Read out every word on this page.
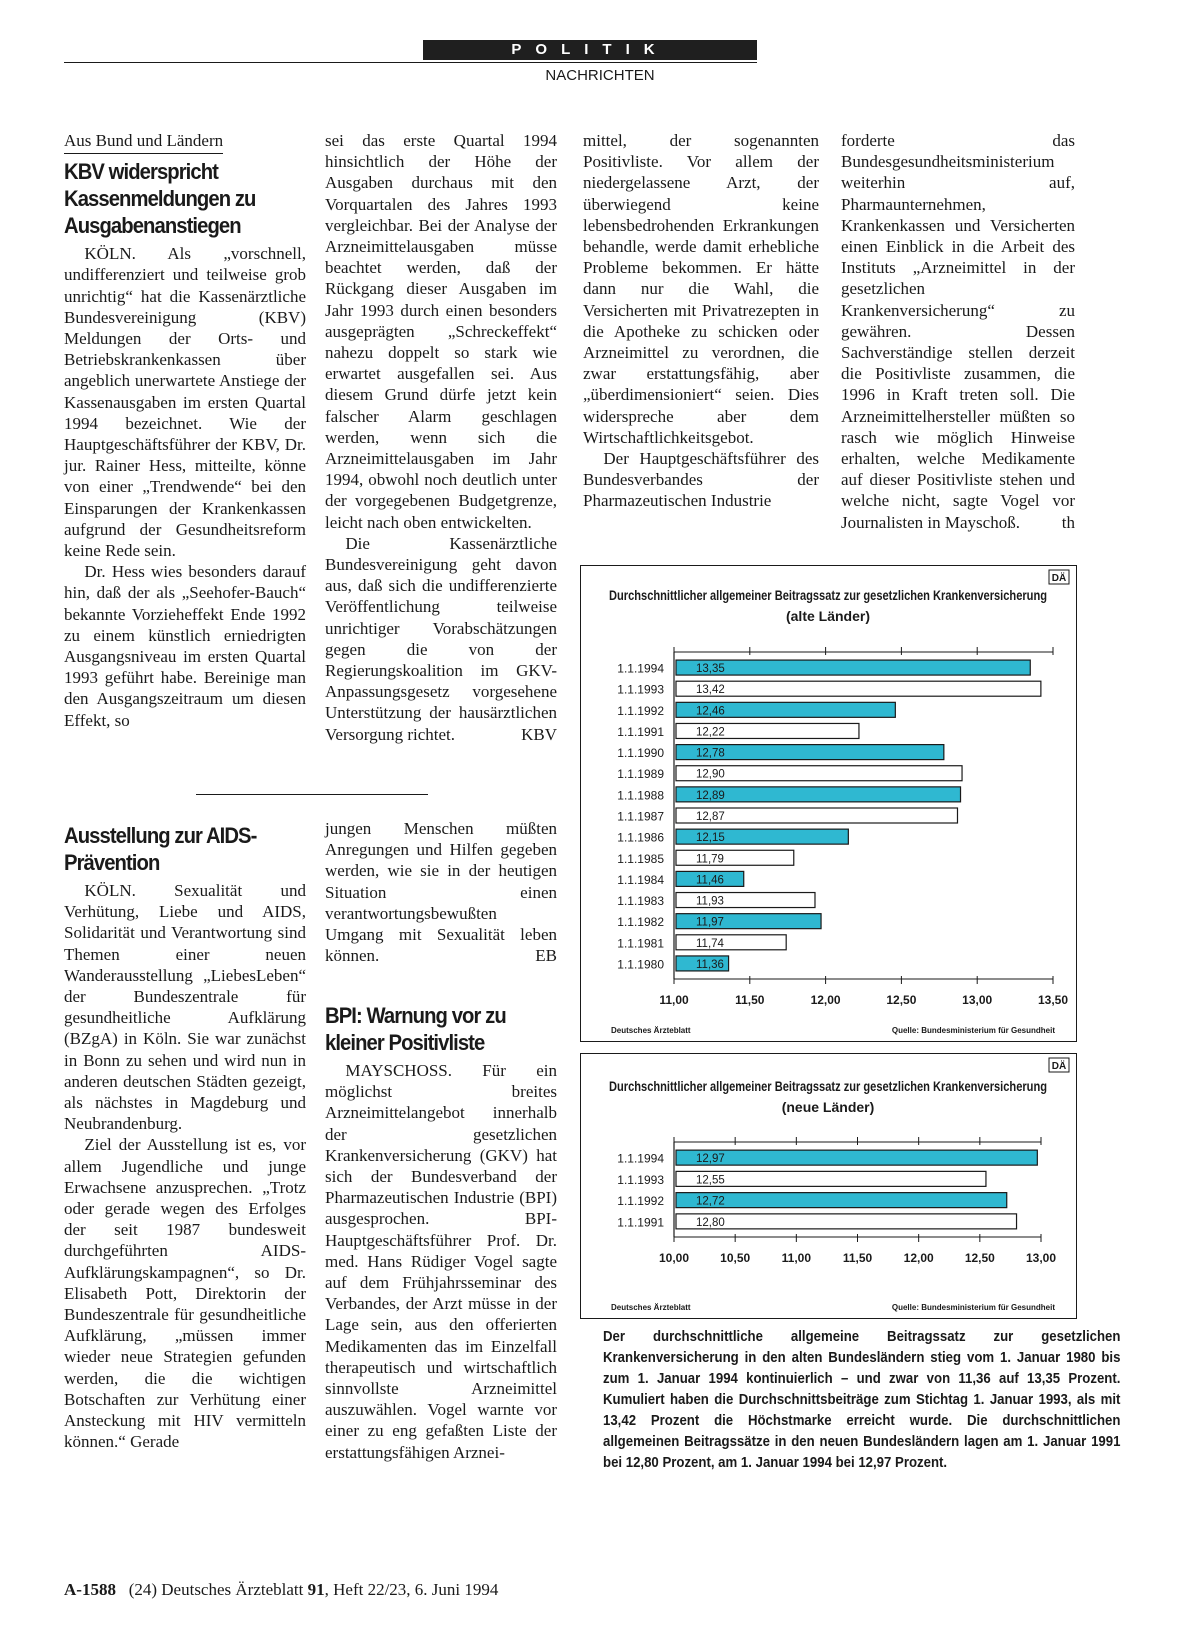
POLITIK
NACHRICHTEN
Aus Bund und Ländern
KBV widerspricht Kassenmeldungen zu Ausgabenanstiegen

KÖLN. Als „vorschnell, undifferenziert und teilweise grob unrichtig“ hat die Kassenärztliche Bundesvereinigung (KBV) Meldungen der Orts- und Betriebskrankenkassen über angeblich unerwartete Anstiege der Kassenausgaben im ersten Quartal 1994 bezeichnet. Wie der Hauptgeschäftsführer der KBV, Dr. jur. Rainer Hess, mitteilte, könne von einer „Trendwende“ bei den Einsparungen der Krankenkassen aufgrund der Gesundheitsreform keine Rede sein.

Dr. Hess wies besonders darauf hin, daß der als „Seehofer-Bauch“ bekannte Vorzieheffekt Ende 1992 zu einem künstlich erniedrigten Ausgangsniveau im ersten Quartal 1993 geführt habe. Bereinige man den Ausgangszeitraum um diesen Effekt, so

sei das erste Quartal 1994 hinsichtlich der Höhe der Ausgaben durchaus mit den Vorquartalen des Jahres 1993 vergleichbar. Bei der Analyse der Arzneimittelausgaben müsse beachtet werden, daß der Rückgang dieser Ausgaben im Jahr 1993 durch einen besonders ausgeprägten „Schreckeffekt“ nahezu doppelt so stark wie erwartet ausgefallen sei. Aus diesem Grund dürfe jetzt kein falscher Alarm geschlagen werden, wenn sich die Arzneimittelausgaben im Jahr 1994, obwohl noch deutlich unter der vorgegebenen Budgetgrenze, leicht nach oben entwickelten.

Die Kassenärztliche Bundesvereinigung geht davon aus, daß sich die undifferenzierte Veröffentlichung teilweise unrichtiger Vorabschätzungen gegen die von der Regierungskoalition im GKV-Anpassungsgesetz vorgesehene Unterstützung der hausärztlichen Versorgung richtet.	KBV
Ausstellung zur AIDS-Prävention

KÖLN. Sexualität und Verhütung, Liebe und AIDS, Solidarität und Verantwortung sind Themen einer neuen Wanderausstellung „LiebesLeben“ der Bundeszentrale für gesundheitliche Aufklärung (BZgA) in Köln. Sie war zunächst in Bonn zu sehen und wird nun in anderen deutschen Städten gezeigt, als nächstes in Magdeburg und Neubrandenburg.

Ziel der Ausstellung ist es, vor allem Jugendliche und junge Erwachsene anzusprechen. „Trotz oder gerade wegen des Erfolges der seit 1987 bundesweit durchgeführten AIDS-Aufklärungskampagnen“, so Dr. Elisabeth Pott, Direktorin der Bundeszentrale für gesundheitliche Aufklärung, „müssen immer wieder neue Strategien gefunden werden, die die wichtigen Botschaften zur Verhütung einer Ansteckung mit HIV vermitteln können.“ Gerade

jungen Menschen müßten Anregungen und Hilfen gegeben werden, wie sie in der heutigen Situation einen verantwortungsbewußten Umgang mit Sexualität leben können.	EB
BPI: Warnung vor zu kleiner Positivliste

MAYSCHOSS. Für ein möglichst breites Arzneimittelangebot innerhalb der gesetzlichen Krankenversicherung (GKV) hat sich der Bundesverband der Pharmazeutischen Industrie (BPI) ausgesprochen. BPI-Hauptgeschäftsführer Prof. Dr. med. Hans Rüdiger Vogel sagte auf dem Frühjahrsseminar des Verbandes, der Arzt müsse in der Lage sein, aus den offerierten Medikamenten das im Einzelfall therapeutisch und wirtschaftlich sinnvollste Arzneimittel auszuwählen. Vogel warnte vor einer zu eng gefaßten Liste der erstattungsfähigen Arznei-

mittel, der sogenannten Positivliste. Vor allem der niedergelassene Arzt, der überwiegend keine lebensbedrohenden Erkrankungen behandle, werde damit erhebliche Probleme bekommen. Er hätte dann nur die Wahl, die Versicherten mit Privatrezepten in die Apotheke zu schicken oder Arzneimittel zu verordnen, die zwar erstattungsfähig, aber „überdimensioniert“ seien. Dies widerspreche aber dem Wirtschaftlichkeitsgebot.

Der Hauptgeschäftsführer des Bundesverbandes der Pharmazeutischen Industrie

forderte das Bundesgesundheitsministerium weiterhin auf, Pharmaunternehmen, Krankenkassen und Versicherten einen Einblick in die Arbeit des Instituts „Arzneimittel in der gesetzlichen Krankenversicherung“ zu gewähren. Dessen Sachverständige stellen derzeit die Positivliste zusammen, die 1996 in Kraft treten soll. Die Arzneimittelhersteller müßten so rasch wie möglich Hinweise erhalten, welche Medikamente auf dieser Positivliste stehen und welche nicht, sagte Vogel vor Journalisten in Mayschoß.	th
Durchschnittlicher allgemeiner Beitragssatz zur gesetzlichen Krankenversicherung
(alte Länder)
DÄ
11,00	11,50	12,00	12,50	13,00	13,50
1.1.1994	13,35
1.1.1993	13,42
1.1.1992	12,46
1.1.1991	12,22
1.1.1990	12,78
1.1.1989	12,90
1.1.1988	12,89
1.1.1987	12,87
1.1.1986	12,15
1.1.1985	11,79
1.1.1984	11,46
1.1.1983	11,93
1.1.1982	11,97
1.1.1981	11,74
1.1.1980	11,36
Deutsches Ärzteblatt	Quelle: Bundesministerium für Gesundheit
Durchschnittlicher allgemeiner Beitragssatz zur gesetzlichen Krankenversicherung
(neue Länder)
DÄ
10,00	10,50	11,00	11,50	12,00	12,50	13,00
1.1.1994	12,97
1.1.1993	12,55
1.1.1992	12,72
1.1.1991	12,80
Deutsches Ärzteblatt	Quelle: Bundesministerium für Gesundheit
Der durchschnittliche allgemeine Beitragssatz zur gesetzlichen Krankenversicherung in den alten Bundesländern stieg vom 1. Januar 1980 bis zum 1. Januar 1994 kontinuierlich – und zwar von 11,36 auf 13,35 Prozent. Kumuliert haben die Durchschnittsbeiträge zum Stichtag 1. Januar 1993, als mit 13,42 Prozent die Höchstmarke erreicht wurde. Die durchschnittlichen allgemeinen Beitragssätze in den neuen Bundesländern lagen am 1. Januar 1991 bei 12,80 Prozent, am 1. Januar 1994 bei 12,97 Prozent.
A-1588 (24) Deutsches Ärzteblatt 91, Heft 22/23, 6. Juni 1994
